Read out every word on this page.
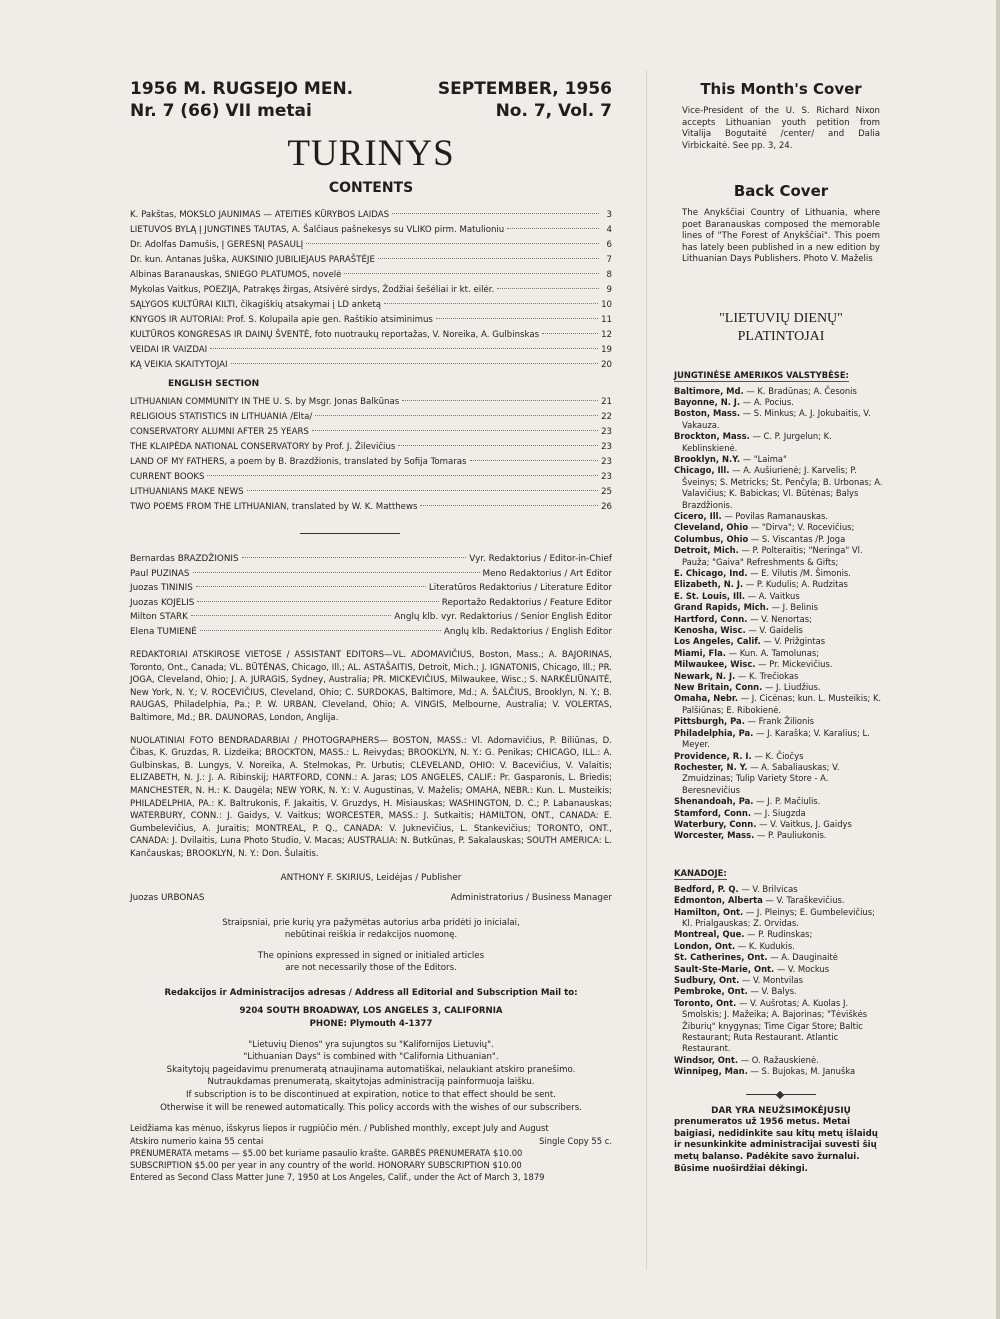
1956 M. RUGSEJO MEN.
Nr. 7 (66) VII metai
SEPTEMBER, 1956
No. 7, Vol. 7
TURINYS
CONTENTS
K. Pakštas, MOKSLO JAUNIMAS — ATEITIES KŪRYBOS LAIDAS	3
LIETUVOS BYLĄ Į JUNGTINES TAUTAS, A. Šalčiaus pašnekesys su VLIKO pirm. Matulioniu	4
Dr. Adolfas Damušis, Į GERESNĮ PASAULĮ	6
Dr. kun. Antanas Juška, AUKSINIO JUBILIEJAUS PARAŠTĖJE	7
Albinas Baranauskas, SNIEGO PLATUMOS, novelė	8
Mykolas Vaitkus, POEZIJA, Patrakęs žirgas, Atsivėrė sirdys, Žodžiai šešėliai ir kt. eilėr.	9
SĄLYGOS KULTŪRAI KILTI, čikagiškių atsakymai į LD anketą	10
KNYGOS IR AUTORIAI: Prof. S. Kolupaila apie gen. Raštikio atsiminimus	11
KULTŪROS KONGRESAS IR DAINŲ ŠVENTĖ, foto nuotraukų reportažas, V. Noreika, A. Gulbinskas	12
VEIDAI IR VAIZDAI	19
KĄ VEIKIA SKAITYTOJAI	20
ENGLISH SECTION
LITHUANIAN COMMUNITY IN THE U. S. by Msgr. Jonas Balkūnas	21
RELIGIOUS STATISTICS IN LITHUANIA /Elta/	22
CONSERVATORY ALUMNI AFTER 25 YEARS	23
THE KLAIPĖDA NATIONAL CONSERVATORY by Prof. J. Žilevičius	23
LAND OF MY FATHERS, a poem by B. Brazdžionis, translated by Sofija Tomaras	23
CURRENT BOOKS	23
LITHUANIANS MAKE NEWS	25
TWO POEMS FROM THE LITHUANIAN, translated by W. K. Matthews	26
Bernardas BRAZDŽIONIS	Vyr. Redaktorius / Editor-in-Chief
Paul PUZINAS	Meno Redaktorius / Art Editor
Juozas TININIS	Literatūros Redaktorius / Literature Editor
Juozas KOJELIS	Reportažo Redaktorius / Feature Editor
Milton STARK	Anglų klb. vyr. Redaktorius / Senior English Editor
Elena TUMIENĖ	Anglų klb. Redaktorius / English Editor
REDAKTORIAI ATSKIROSE VIETOSE / ASSISTANT EDITORS—VL. ADOMAVIČIUS, Boston, Mass.; A. BAJORINAS, Toronto, Ont., Canada; VL. BŪTĖNAS, Chicago, Ill.; AL. ASTAŠAITIS, Detroit, Mich.; J. IGNATONIS, Chicago, Ill.; PR. JOGA, Cleveland, Ohio; J. A. JURAGIS, Sydney, Australia; PR. MICKEVIČIUS, Milwaukee, Wisc.; S. NARKĖLIŪNAITĖ, New York, N. Y.; V. ROCEVIČIUS, Cleveland, Ohio; C. SURDOKAS, Baltimore, Md.; A. ŠALČIUS, Brooklyn, N. Y.; B. RAUGAS, Philadelphia, Pa.; P. W. URBAN, Cleveland, Ohio; A. VINGIS, Melbourne, Australia; V. VOLERTAS, Baltimore, Md.; BR. DAUNORAS, London, Anglija.
NUOLATINIAI FOTO BENDRADARBIAI / PHOTOGRAPHERS— BOSTON, MASS.: Vl. Adomavičius, P. Biliūnas, D. Čibas, K. Gruzdas, R. Lizdeika; BROCKTON, MASS.: L. Reivydas; BROOKLYN, N. Y.: G. Penikas; CHICAGO, ILL.: A. Gulbinskas, B. Lungys, V. Noreika, A. Stelmokas, Pr. Urbutis; CLEVELAND, OHIO: V. Bacevičius, V. Valaitis; ELIZABETH, N. J.: J. A. Ribinskij; HARTFORD, CONN.: A. Jaras; LOS ANGELES, CALIF.: Pr. Gasparonis, L. Briedis; MANCHESTER, N. H.: K. Daugėla; NEW YORK, N. Y.: V. Augustinas, V. Maželis; OMAHA, NEBR.: Kun. L. Musteikis; PHILADELPHIA, PA.: K. Baltrukonis, F. Jakaitis, V. Gruzdys, H. Misiauskas; WASHINGTON, D. C.; P. Labanauskas; WATERBURY, CONN.: J. Gaidys, V. Vaitkus; WORCESTER, MASS.: J. Sutkaitis; HAMILTON, ONT., CANADA: E. Gumbelevičius, A. Juraitis; MONTREAL, P. Q., CANADA: V. Juknevičius, L. Stankevičius; TORONTO, ONT., CANADA: J. Dvilaitis, Luna Photo Studio, V. Macas; AUSTRALIA: N. Butkūnas, P. Sakalauskas; SOUTH AMERICA: L. Kančauskas; BROOKLYN, N. Y.: Don. Šulaitis.
ANTHONY F. SKIRIUS, Leidėjas / Publisher
Juozas URBONAS	Administratorius / Business Manager
Straipsniai, prie kurių yra pažymėtas autorius arba pridėti jo inicialai,
nebūtinai reiškia ir redakcijos nuomonę.
The opinions expressed in signed or initialed articles
are not necessarily those of the Editors.
Redakcijos ir Administracijos adresas / Address all Editorial and Subscription Mail to:
9204 SOUTH BROADWAY, LOS ANGELES 3, CALIFORNIA
PHONE: Plymouth 4-1377
"Lietuvių Dienos" yra sujungtos su "Kalifornijos Lietuvių".
"Lithuanian Days" is combined with "California Lithuanian".
Skaitytojų pageidavimu prenumeratą atnaujinama automatiškai, nelaukiant atskiro pranešimo.
Nutraukdamas prenumeratą, skaitytojas administraciją painformuoja laišku.
If subscription is to be discontinued at expiration, notice to that effect should be sent.
Otherwise it will be renewed automatically. This policy accords with the wishes of our subscribers.
Leidžiama kas mėnuo, išskyrus liepos ir rugpiūčio mėn. / Published monthly, except July and August
Atskiro numerio kaina 55 centai	Single Copy 55 c.
PRENUMERATA metams — $5.00 bet kuriame pasaulio krašte. GARBĖS PRENUMERATA $10.00
SUBSCRIPTION $5.00 per year in any country of the world. HONORARY SUBSCRIPTION $10.00
Entered as Second Class Matter June 7, 1950 at Los Angeles, Calif., under the Act of March 3, 1879
This Month's Cover
Vice-President of the U. S. Richard Nixon accepts Lithuanian youth petition from Vitalija Bogutaitė /center/ and Dalia Virbickaitė. See pp. 3, 24.
Back Cover
The Anykščiai Country of Lithuania, where poet Baranauskas composed the memorable lines of "The Forest of Anykščiai". This poem has lately been published in a new edition by Lithuanian Days Publishers. Photo V. Maželis
"LIETUVIŲ DIENŲ"
PLATINTOJAI
JUNGTINĖSE AMERIKOS VALSTYBĖSE:
Baltimore, Md. — K. Bradūnas; A. Česonis
Bayonne, N. J. — A. Pocius.
Boston, Mass. — S. Minkus; A. J. Jokubaitis, V. Vakauza.
Brockton, Mass. — C. P. Jurgelun; K. Keblinskienė.
Brooklyn, N.Y. — "Laima"
Chicago, Ill. — A. Aušiurienė; J. Karvelis; P. Šveinys; S. Metricks; St. Penčyla; B. Urbonas; A. Valavičius; K. Babickas; Vl. Būtėnas; Balys Brazdžionis.
Cicero, Ill. — Povilas Ramanauskas.
Cleveland, Ohio — "Dirva"; V. Rocevičius;
Columbus, Ohio — S. Viscantas /P. Joga
Detroit, Mich. — P. Polteraitis; "Neringa" Vl. Pauža; "Gaiva" Refreshments & Gifts;
E. Chicago, Ind. — E. Vilutis /M. Šimonis.
Elizabeth, N. J. — P. Kudulis; A. Rudzitas
E. St. Louis, Ill. — A. Vaitkus
Grand Rapids, Mich. — J. Belinis
Hartford, Conn. — V. Nenortas;
Kenosha, Wisc. — V. Gaidelis
Los Angeles, Calif. — V. Prižgintas
Miami, Fla. — Kun. A. Tamolunas;
Milwaukee, Wisc. — Pr. Mickevičius.
Newark, N. J. — K. Trečiokas
New Britain, Conn. — J. Liudžius.
Omaha, Nebr. — J. Cicėnas; kun. L. Musteikis; K. Palšiūnas; E. Ribokienė.
Pittsburgh, Pa. — Frank Žilionis
Philadelphia, Pa. — J. Karaška; V. Karalius; L. Meyer.
Providence, R. I. — K. Čiočys
Rochester, N. Y. — A. Sabaliauskas; V. Zmuidzinas; Tulip Variety Store - A. Beresnevičius
Shenandoah, Pa. — J. P. Mačiulis.
Stamford, Conn. — J. Siugzda
Waterbury, Conn. — V. Vaitkus, J. Gaidys
Worcester, Mass. — P. Pauliukonis.
KANADOJE:
Bedford, P. Q. — V. Brilvicas
Edmonton, Alberta — V. Taraškevičius.
Hamilton, Ont. — J. Pleinys; E. Gumbelevičius; Kl. Prialgauskas; Z. Orvidas.
Montreal, Que. — P. Rudinskas;
London, Ont. — K. Kudukis.
St. Catherines, Ont. — A. Dauginaitė
Sault-Ste-Marie, Ont. — V. Mockus
Sudbury, Ont. — V. Montvilas
Pembroke, Ont. — V. Balys.
Toronto, Ont. — V. Aušrotas; A. Kuolas J. Smolskis; J. Mažeika; A. Bajorinas; "Tėviškės Žiburių" knygynas; Time Cigar Store; Baltic Restaurant; Ruta Restaurant. Atlantic Restaurant.
Windsor, Ont. — O. Ražauskienė.
Winnipeg, Man. — S. Bujokas, M. Januška
DAR YRA NEUŽSIMOKĖJUSIŲ
prenumeratos už 1956 metus. Metai baigiasi, nedidinkite sau kitų metų išlaidų ir nesunkinkite administracijai suvesti šių metų balanso. Padėkite savo žurnalui. Būsime nuoširdžiai dėkingi.
